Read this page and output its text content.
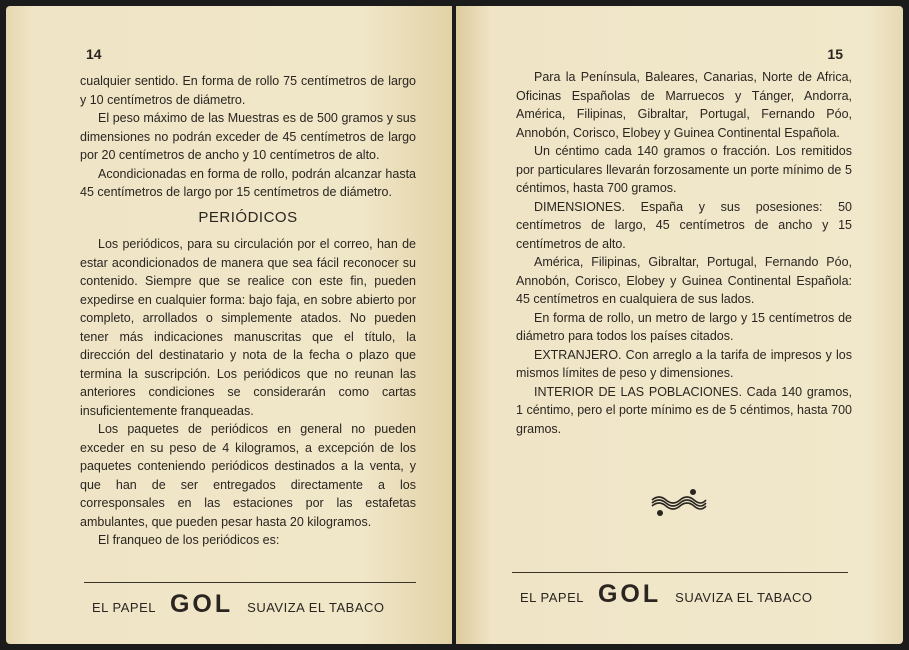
14

cualquier sentido. En forma de rollo 75 centímetros de largo y 10 centímetros de diámetro.

El peso máximo de las Muestras es de 500 gramos y sus dimensiones no podrán exceder de 45 centímetros de largo por 20 centímetros de ancho y 10 centímetros de alto.

Acondicionadas en forma de rollo, podrán alcanzar hasta 45 centímetros de largo por 15 centímetros de diámetro.

PERIÓDICOS

Los periódicos, para su circulación por el correo, han de estar acondicionados de manera que sea fácil reconocer su contenido. Siempre que se realice con este fin, pueden expedirse en cualquier forma: bajo faja, en sobre abierto por completo, arrollados o simplemente atados. No pueden tener más indicaciones manuscritas que el título, la dirección del destinatario y nota de la fecha o plazo que termina la suscripción. Los periódicos que no reunan las anteriores condiciones se considerarán como cartas insuficientemente franqueadas.

Los paquetes de periódicos en general no pueden exceder en su peso de 4 kilogramos, a excepción de los paquetes conteniendo periódicos destinados a la venta, y que han de ser entregados directamente a los corresponsales en las estaciones por las estafetas ambulantes, que pueden pesar hasta 20 kilogramos.

El franqueo de los periódicos es:

EL PAPEL GOL SUAVIZA EL TABACO
15

Para la Península, Baleares, Canarias, Norte de Africa, Oficinas Españolas de Marruecos y Tánger, Andorra, América, Filipinas, Gibraltar, Portugal, Fernando Póo, Annobón, Corisco, Elobey y Guinea Continental Española.

Un céntimo cada 140 gramos o fracción. Los remitidos por particulares llevarán forzosamente un porte mínimo de 5 céntimos, hasta 700 gramos.

DIMENSIONES. España y sus posesiones: 50 centímetros de largo, 45 centímetros de ancho y 15 centímetros de alto.

América, Filipinas, Gibraltar, Portugal, Fernando Póo, Annobón, Corisco, Elobey y Guinea Continental Española: 45 centímetros en cualquiera de sus lados.

En forma de rollo, un metro de largo y 15 centímetros de diámetro para todos los países citados.

EXTRANJERO. Con arreglo a la tarifa de impresos y los mismos límites de peso y dimensiones.

INTERIOR DE LAS POBLACIONES. Cada 140 gramos, 1 céntimo, pero el porte mínimo es de 5 céntimos, hasta 700 gramos.

EL PAPEL GOL SUAVIZA EL TABACO
